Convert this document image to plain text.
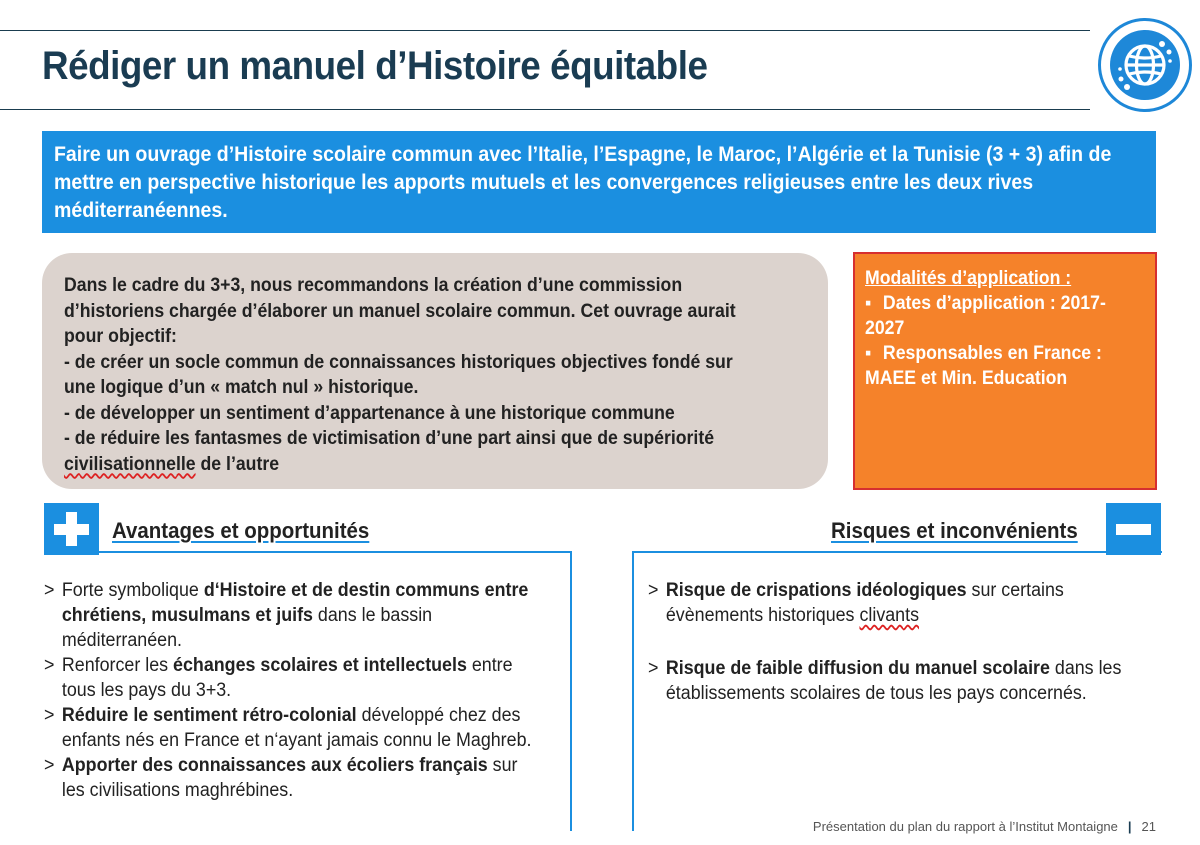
Rédiger un manuel d’Histoire équitable

Faire un ouvrage d’Histoire scolaire commun avec l’Italie, l’Espagne, le Maroc, l’Algérie et la Tunisie (3 + 3) afin de mettre en perspective historique les apports mutuels et les convergences religieuses entre les deux rives méditerranéennes.

Dans le cadre du 3+3, nous recommandons la création d’une commission
d’historiens chargée d’élaborer un manuel scolaire commun. Cet ouvrage aurait
pour objectif:
- de créer un socle commun de connaissances historiques objectives fondé sur
une logique d’un « match nul » historique.
- de développer un sentiment d’appartenance à une historique commune
- de réduire les fantasmes de victimisation d’une part ainsi que de supériorité
civilisationnelle de l’autre
Modalités d’application :
▪ Dates d’application : 2017-
2027
▪ Responsables en France :
MAEE et Min. Education
Avantages et opportunités	Risques et inconvénients
> Forte symbolique d‘Histoire et de destin communs entre chrétiens, musulmans et juifs dans le bassin méditerranéen.
> Renforcer les échanges scolaires et intellectuels entre tous les pays du 3+3.
> Réduire le sentiment rétro-colonial développé chez des enfants nés en France et n‘ayant jamais connu le Maghreb.
> Apporter des connaissances aux écoliers français sur les civilisations maghrébines.
> Risque de crispations idéologiques sur certains évènements historiques clivants
> Risque de faible diffusion du manuel scolaire dans les établissements scolaires de tous les pays concernés.
Présentation du plan du rapport à l’Institut Montaigne | 21
